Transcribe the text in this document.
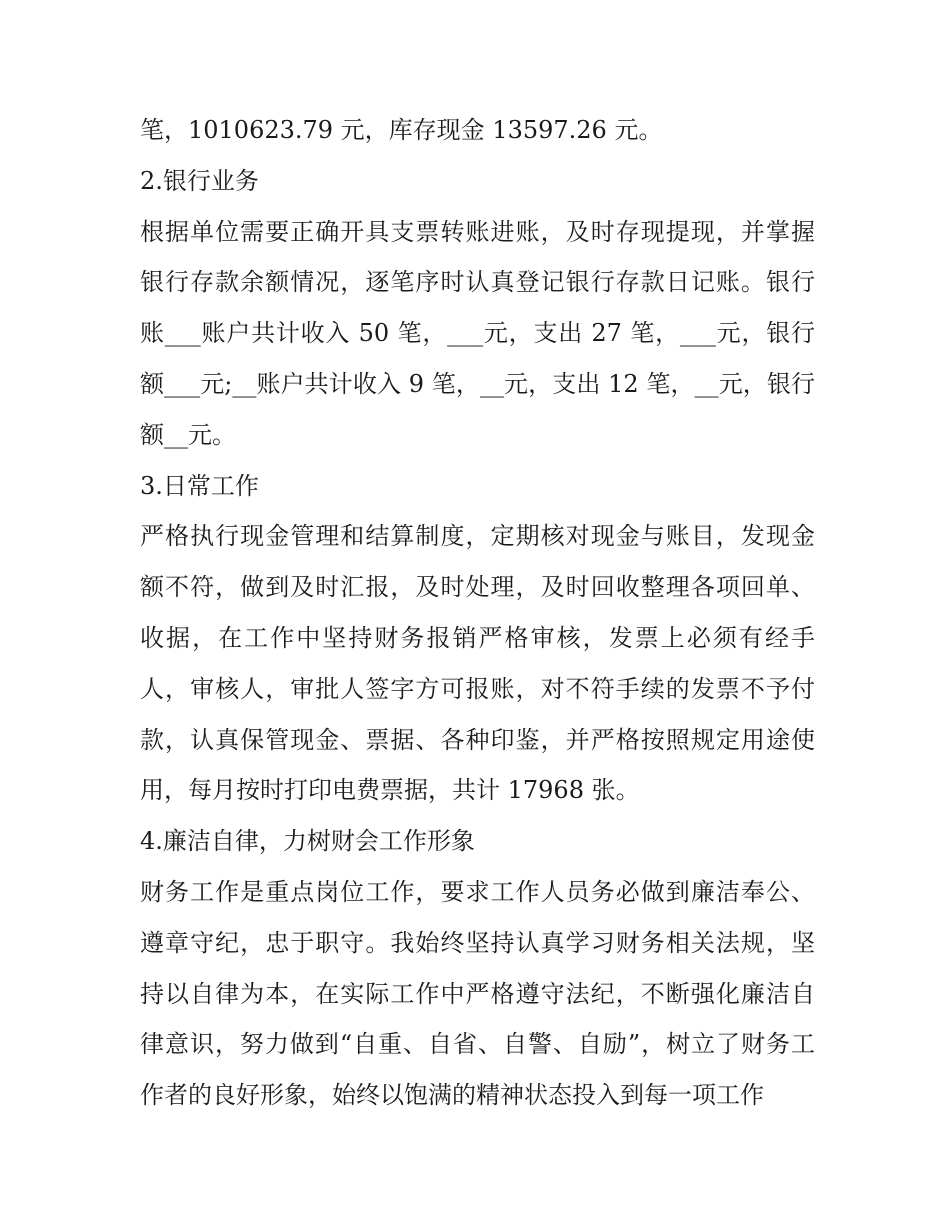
笔，1010623.79 元，库存现金 13597.26 元。
2.银行业务
根据单位需要正确开具支票转账进账，及时存现提现，并掌握
银行存款余额情况，逐笔序时认真登记银行存款日记账。银行
账___账户共计收入 50 笔，___元，支出 27 笔，___元，银行
额___元;__账户共计收入 9 笔，__元，支出 12 笔，__元，银行
额__元。
3.日常工作
严格执行现金管理和结算制度，定期核对现金与账目，发现金
额不符，做到及时汇报，及时处理，及时回收整理各项回单、
收据，在工作中坚持财务报销严格审核，发票上必须有经手
人，审核人，审批人签字方可报账，对不符手续的发票不予付
款，认真保管现金、票据、各种印鉴，并严格按照规定用途使
用，每月按时打印电费票据，共计 17968 张。
4.廉洁自律，力树财会工作形象
财务工作是重点岗位工作，要求工作人员务必做到廉洁奉公、
遵章守纪，忠于职守。我始终坚持认真学习财务相关法规，坚
持以自律为本，在实际工作中严格遵守法纪，不断强化廉洁自
律意识，努力做到“自重、自省、自警、自励”，树立了财务工
作者的良好形象，始终以饱满的精神状态投入到每一项工作
